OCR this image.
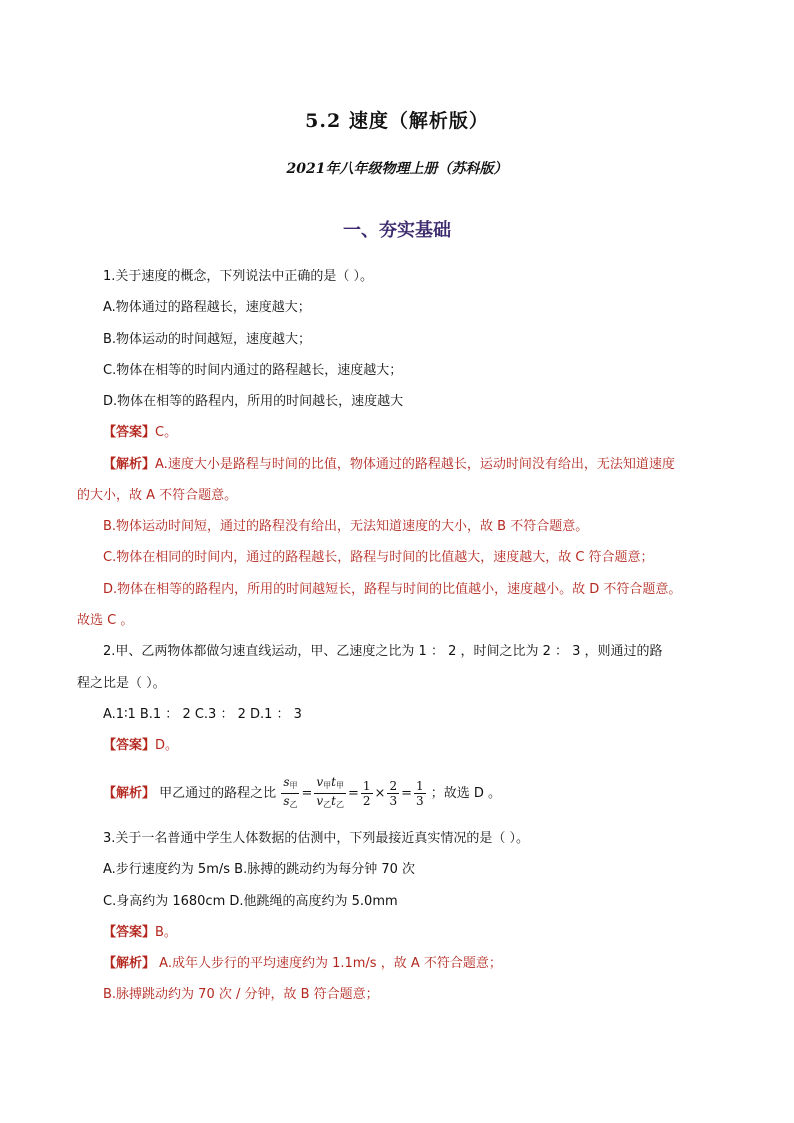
5.2 速度（解析版）
2021年八年级物理上册（苏科版）
一、夯实基础
1.关于速度的概念，下列说法中正确的是（ ）。
A.物体通过的路程越长，速度越大；
B.物体运动的时间越短，速度越大；
C.物体在相等的时间内通过的路程越长，速度越大；
D.物体在相等的路程内，所用的时间越长，速度越大
【答案】C。
【解析】A.速度大小是路程与时间的比值，物体通过的路程越长，运动时间没有给出，无法知道速度
的大小，故 A 不符合题意。
B.物体运动时间短，通过的路程没有给出，无法知道速度的大小，故 B 不符合题意。
C.物体在相同的时间内，通过的路程越长，路程与时间的比值越大，速度越大，故 C 符合题意；
D.物体在相等的路程内，所用的时间越短长，路程与时间的比值越小，速度越小。故 D 不符合题意。
故选 C 。
2.甲、乙两物体都做匀速直线运动，甲、乙速度之比为 1 ： 2 ，时间之比为 2 ： 3 ，则通过的路
程之比是（ ）。
A.1∶1 B.1 ： 2 C.3 ： 2 D.1 ： 3
【答案】D。
【解析】 甲乙通过的路程之比 $\frac{s_甲}{s_乙} = \frac{v_甲t_甲}{v_乙t_乙} = \frac{1}{2} \times \frac{2}{3} = \frac{1}{3}$ ；故选 D 。
3.关于一名普通中学生人体数据的估测中，下列最接近真实情况的是（ ）。
A.步行速度约为 5m/s B.脉搏的跳动约为每分钟 70 次
C.身高约为 1680cm D.他跳绳的高度约为 5.0mm
【答案】B。
【解析】 A.成年人步行的平均速度约为 1.1m/s ，故 A 不符合题意；
B.脉搏跳动约为 70 次 / 分钟，故 B 符合题意；
